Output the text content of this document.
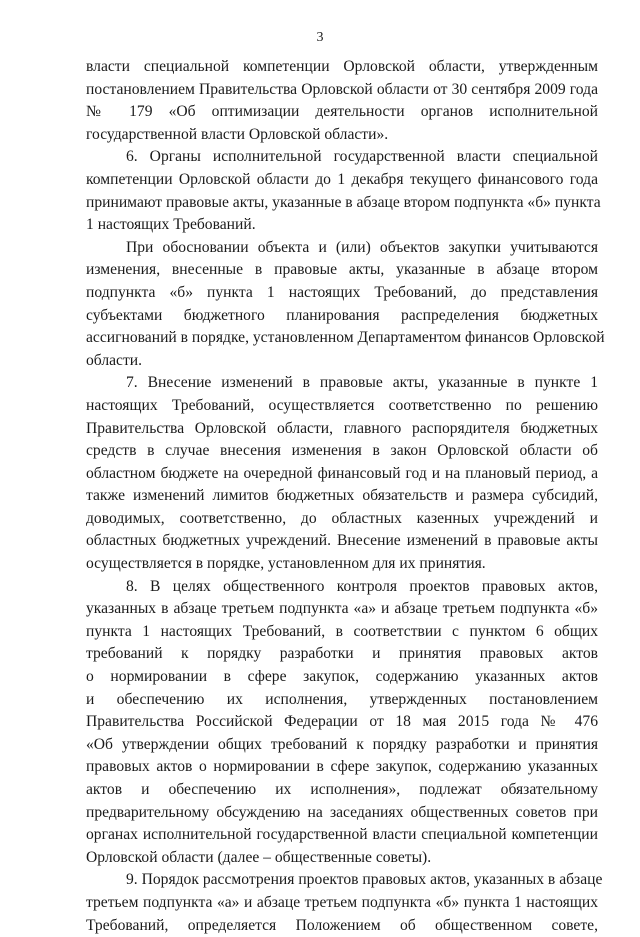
3
власти специальной компетенции Орловской области, утвержденным
постановлением Правительства Орловской области от 30 сентября 2009 года
№ 179 «Об оптимизации деятельности органов исполнительной
государственной власти Орловской области».
6. Органы исполнительной государственной власти специальной
компетенции Орловской области до 1 декабря текущего финансового года
принимают правовые акты, указанные в абзаце втором подпункта «б» пункта
1 настоящих Требований.
При обосновании объекта и (или) объектов закупки учитываются
изменения, внесенные в правовые акты, указанные в абзаце втором
подпункта «б» пункта 1 настоящих Требований, до представления
субъектами бюджетного планирования распределения бюджетных
ассигнований в порядке, установленном Департаментом финансов Орловской
области.
7. Внесение изменений в правовые акты, указанные в пункте 1
настоящих Требований, осуществляется соответственно по решению
Правительства Орловской области, главного распорядителя бюджетных
средств в случае внесения изменения в закон Орловской области об
областном бюджете на очередной финансовый год и на плановый период, а
также изменений лимитов бюджетных обязательств и размера субсидий,
доводимых, соответственно, до областных казенных учреждений и
областных бюджетных учреждений. Внесение изменений в правовые акты
осуществляется в порядке, установленном для их принятия.
8. В целях общественного контроля проектов правовых актов,
указанных в абзаце третьем подпункта «а» и абзаце третьем подпункта «б»
пункта 1 настоящих Требований, в соответствии с пунктом 6 общих
требований к порядку разработки и принятия правовых актов
о нормировании в сфере закупок, содержанию указанных актов
и обеспечению их исполнения, утвержденных постановлением
Правительства Российской Федерации от 18 мая 2015 года № 476
«Об утверждении общих требований к порядку разработки и принятия
правовых актов о нормировании в сфере закупок, содержанию указанных
актов и обеспечению их исполнения», подлежат обязательному
предварительному обсуждению на заседаниях общественных советов при
органах исполнительной государственной власти специальной компетенции
Орловской области (далее – общественные советы).
9. Порядок рассмотрения проектов правовых актов, указанных в абзаце
третьем подпункта «а» и абзаце третьем подпункта «б» пункта 1 настоящих
Требований, определяется Положением об общественном совете,
